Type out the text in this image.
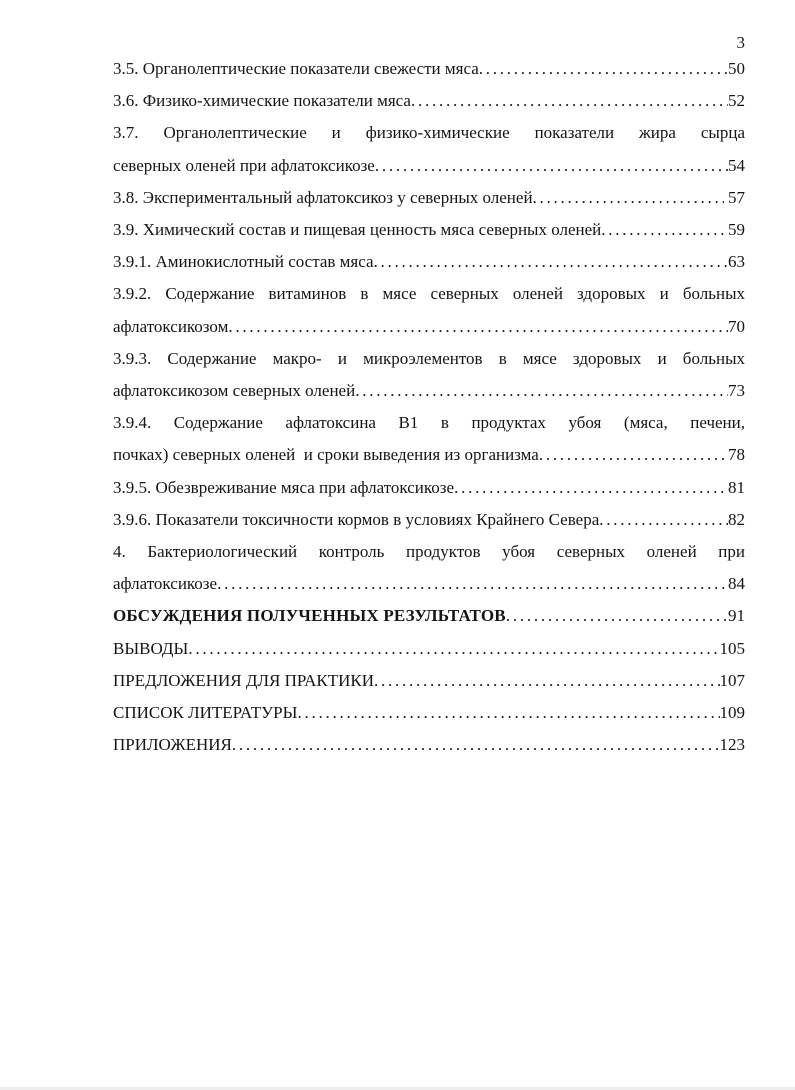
3
3.5. Органолептические показатели свежести мяса .....	50
3.6. Физико-химические показатели мяса .....	52
3.7. Органолептические и физико-химические показатели жира сырца
северных оленей при афлатоксикозе .....	54
3.8. Экспериментальный афлатоксикоз у северных оленей .....	57
3.9. Химический состав и пищевая ценность мяса северных оленей .....	59
3.9.1. Аминокислотный состав мяса .....	63
3.9.2. Содержание витаминов в мясе северных оленей здоровых и больных
афлатоксикозом .....	70
3.9.3. Содержание макро- и микроэлементов в мясе здоровых и больных
афлатоксикозом северных оленей .....	73
3.9.4. Содержание афлатоксина В1 в продуктах убоя (мяса, печени,
почках) северных оленей  и сроки выведения из организма .....	78
3.9.5. Обезвреживание мяса при афлатоксикозе .....	81
3.9.6. Показатели токсичности кормов в условиях Крайнего Севера .....	82
4. Бактериологический контроль продуктов убоя северных оленей при
афлатоксикозе .....	84
ОБСУЖДЕНИЯ ПОЛУЧЕННЫХ РЕЗУЛЬТАТОВ .....	91
ВЫВОДЫ .....	105
ПРЕДЛОЖЕНИЯ ДЛЯ ПРАКТИКИ .....	107
СПИСОК ЛИТЕРАТУРЫ .....	109
ПРИЛОЖЕНИЯ .....	123
